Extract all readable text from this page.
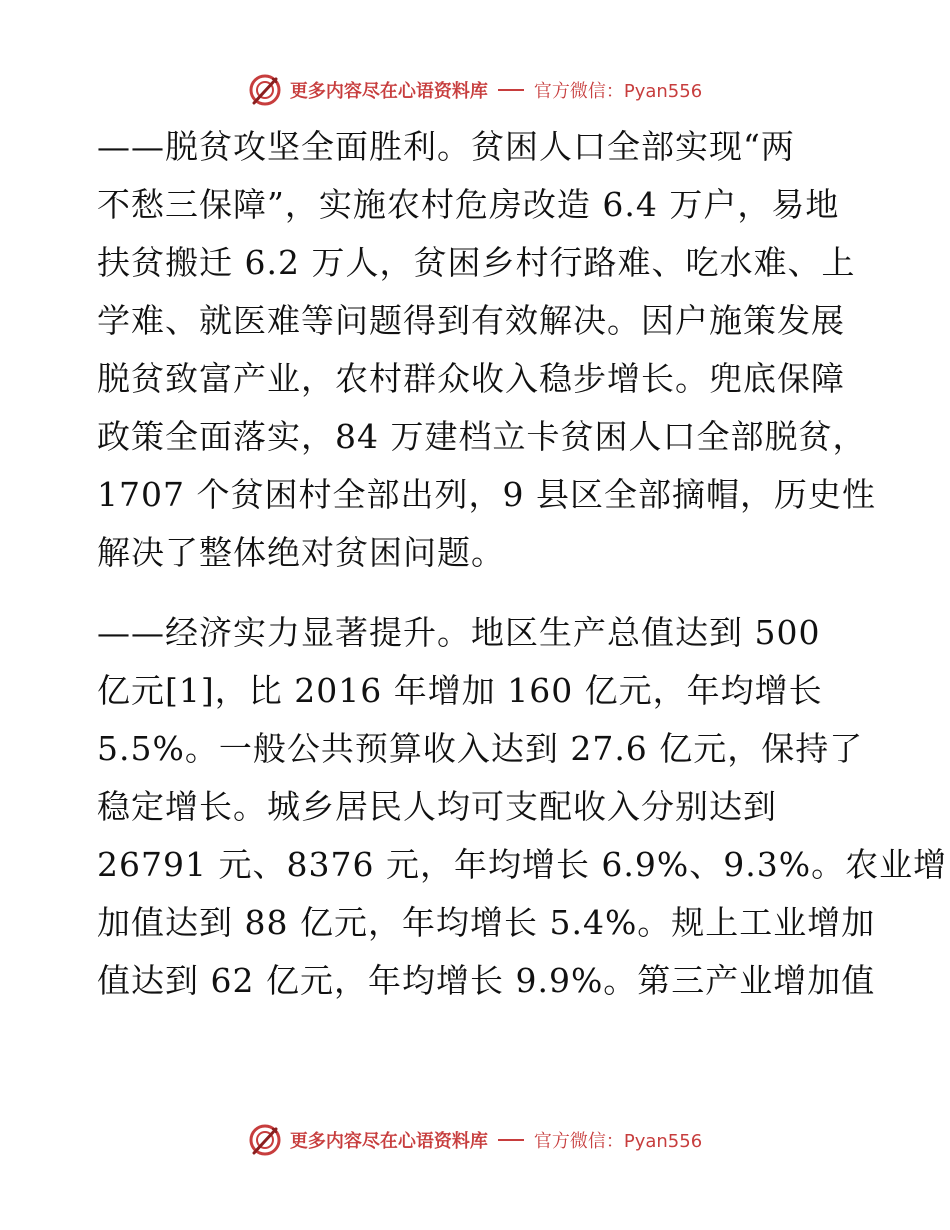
更多内容尽在心语资料库	官方微信：Pyan556
——脱贫攻坚全面胜利。贫困人口全部实现“两
不愁三保障”，实施农村危房改造 6.4 万户，易地
扶贫搬迁 6.2 万人，贫困乡村行路难、吃水难、上
学难、就医难等问题得到有效解决。因户施策发展
脱贫致富产业，农村群众收入稳步增长。兜底保障
政策全面落实，84 万建档立卡贫困人口全部脱贫，
1707 个贫困村全部出列，9 县区全部摘帽，历史性
解决了整体绝对贫困问题。
——经济实力显著提升。地区生产总值达到 500
亿元[1]，比 2016 年增加 160 亿元，年均增长
5.5%。一般公共预算收入达到 27.6 亿元，保持了
稳定增长。城乡居民人均可支配收入分别达到
26791 元、8376 元，年均增长 6.9%、9.3%。农业增
加值达到 88 亿元，年均增长 5.4%。规上工业增加
值达到 62 亿元，年均增长 9.9%。第三产业增加值
更多内容尽在心语资料库	官方微信：Pyan556
